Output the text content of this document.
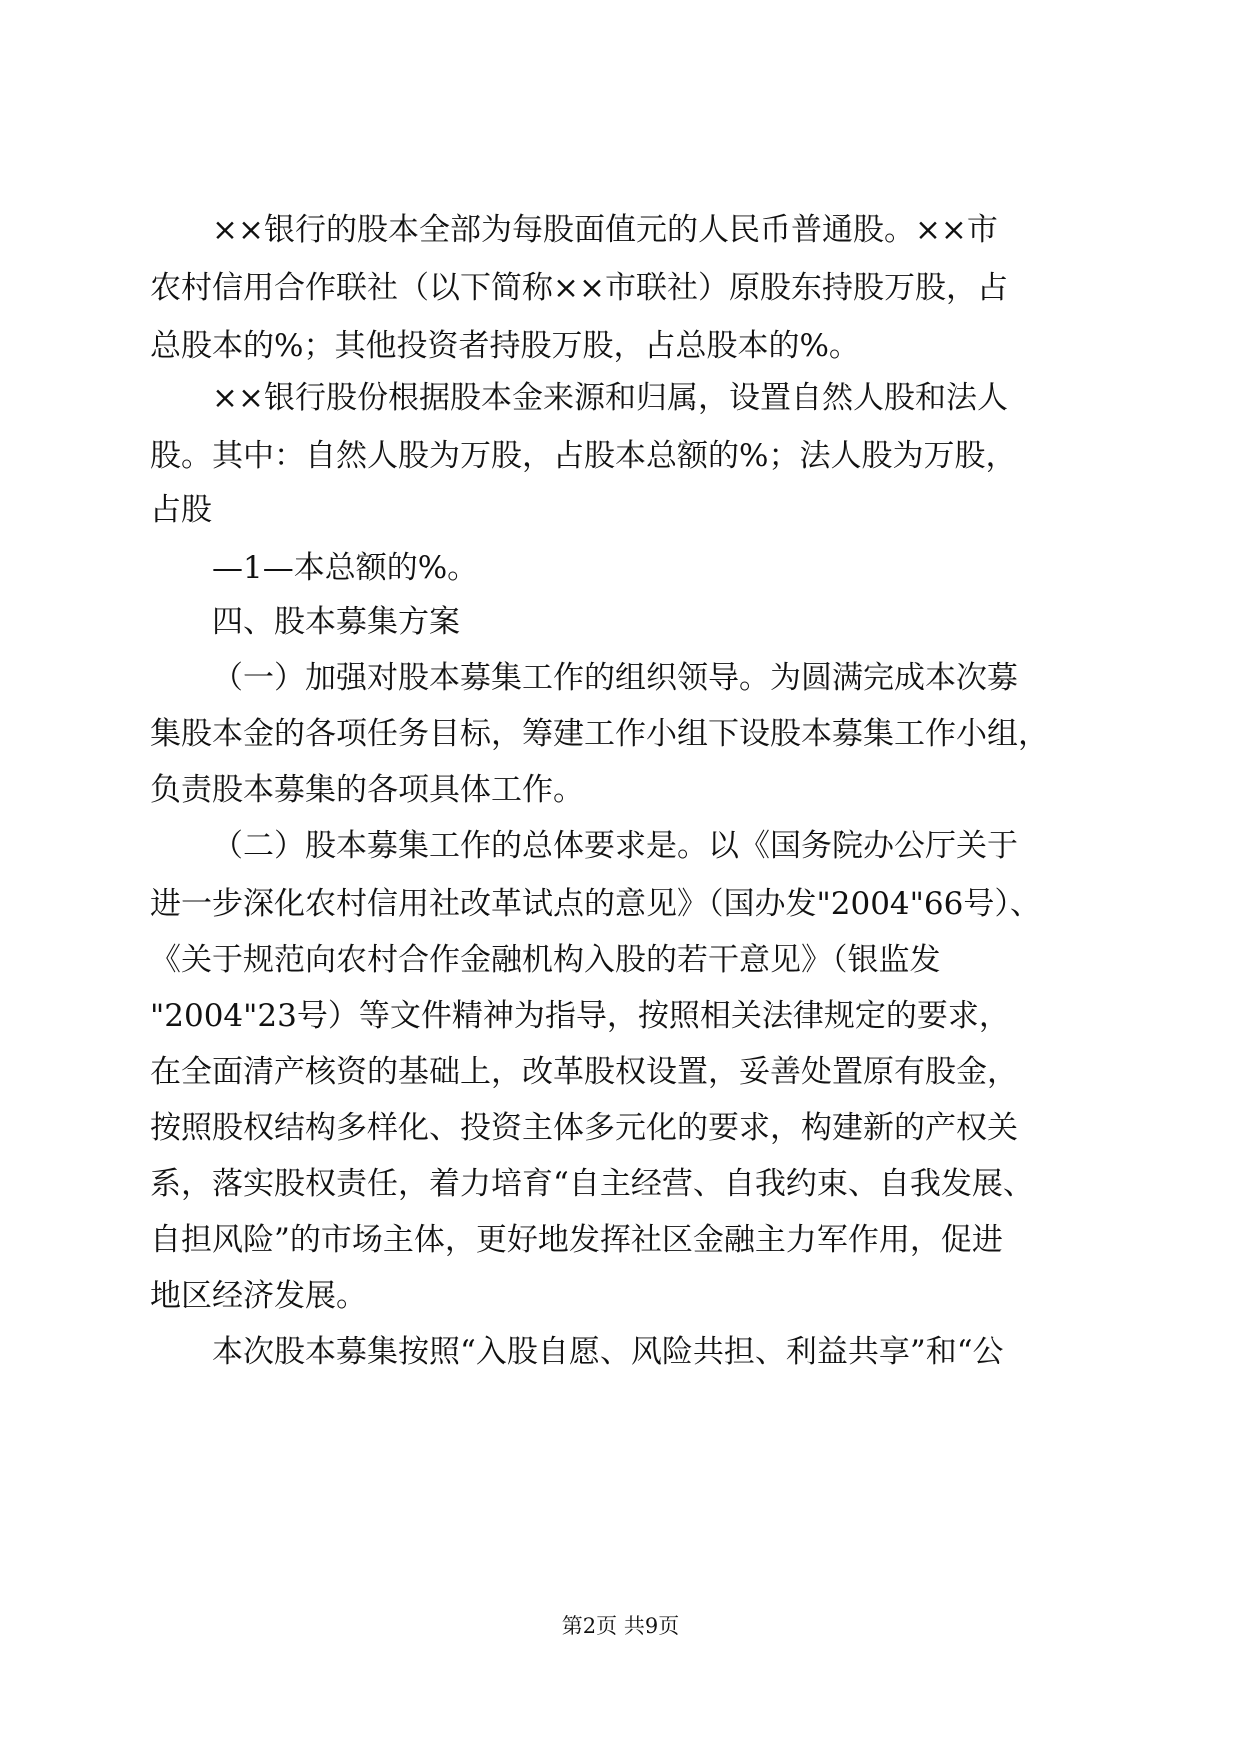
××银行的股本全部为每股面值元的人民币普通股。××市
农村信用合作联社（以下简称××市联社）原股东持股万股，占
总股本的%；其他投资者持股万股，占总股本的%。
××银行股份根据股本金来源和归属，设置自然人股和法人
股。其中：自然人股为万股，占股本总额的%；法人股为万股，
占股
—1—本总额的%。
四、股本募集方案
（一）加强对股本募集工作的组织领导。为圆满完成本次募
集股本金的各项任务目标，筹建工作小组下设股本募集工作小组，
负责股本募集的各项具体工作。
（二）股本募集工作的总体要求是。以《国务院办公厅关于
进一步深化农村信用社改革试点的意见》（国办发"2004"66号）、
《关于规范向农村合作金融机构入股的若干意见》（银监发
"2004"23号）等文件精神为指导，按照相关法律规定的要求，
在全面清产核资的基础上，改革股权设置，妥善处置原有股金，
按照股权结构多样化、投资主体多元化的要求，构建新的产权关
系，落实股权责任，着力培育“自主经营、自我约束、自我发展、
自担风险”的市场主体，更好地发挥社区金融主力军作用，促进
地区经济发展。
本次股本募集按照“入股自愿、风险共担、利益共享”和“公
第2页 共9页
